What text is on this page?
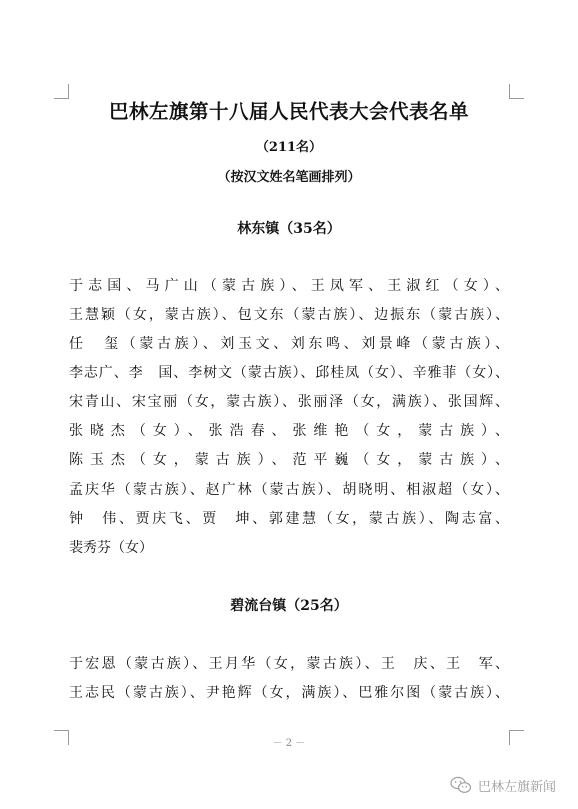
巴林左旗第十八届人民代表大会代表名单
（211名）
（按汉文姓名笔画排列）
林东镇（35名）
于志国、马广山（蒙古族）、王凤军、王淑红（女）、
王慧颖（女，蒙古族）、包文东（蒙古族）、边振东（蒙古族）、
任　玺（蒙古族）、刘玉文、刘东鸣、刘景峰（蒙古族）、
李志广、李　国、李树文（蒙古族）、邱桂凤（女）、辛雅菲（女）、
宋青山、宋宝丽（女，蒙古族）、张丽泽（女，满族）、张国辉、
张晓杰（女）、张浩春、张维艳（女，蒙古族）、
陈玉杰（女，蒙古族）、范平巍（女，蒙古族）、
孟庆华（蒙古族）、赵广林（蒙古族）、胡晓明、相淑超（女）、
钟　伟、贾庆飞、贾　坤、郭建慧（女，蒙古族）、陶志富、
裴秀芬（女）
碧流台镇（25名）
于宏恩（蒙古族）、王月华（女，蒙古族）、王　庆、王　军、
王志民（蒙古族）、尹艳辉（女，满族）、巴雅尔图（蒙古族）、
－ 2 －
巴林左旗新闻
